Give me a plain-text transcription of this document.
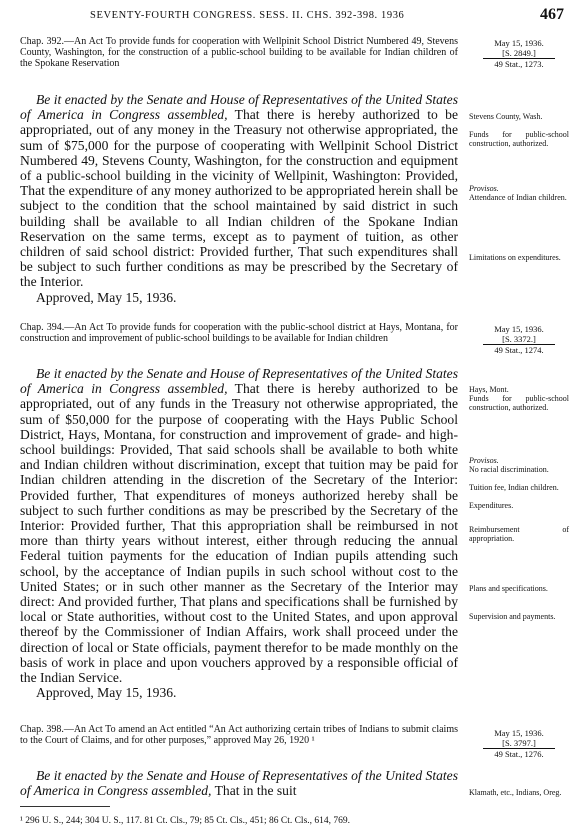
SEVENTY-FOURTH CONGRESS. SESS. II. CHS. 392-398. 1936	467
Chap. 392.—An Act To provide funds for cooperation with Wellpinit School District Numbered 49, Stevens County, Washington, for the construction of a public-school building to be available for Indian children of the Spokane Reservation
May 15, 1936.
[S. 2849.]
49 Stat., 1273.

Be it enacted by the Senate and House of Representatives of the United States of America in Congress assembled, That there is hereby authorized to be appropriated, out of any money in the Treasury not otherwise appropriated, the sum of $75,000 for the purpose of cooperating with Wellpinit School District Numbered 49, Stevens County, Washington, for the construction and equipment of a public-school building in the vicinity of Wellpinit, Washington: Provided, That the expenditure of any money authorized to be appropriated herein shall be subject to the condition that the school maintained by said district in such building shall be available to all Indian children of the Spokane Indian Reservation on the same terms, except as to payment of tuition, as other children of said school district: Provided further, That such expenditures shall be subject to such further conditions as may be prescribed by the Secretary of the Interior.

Approved, May 15, 1936.

Stevens County, Wash.
Funds for public-school construction, authorized.
Provisos.
Attendance of Indian children.
Limitations on expenditures.
Chap. 394.—An Act To provide funds for cooperation with the public-school district at Hays, Montana, for construction and improvement of public-school buildings to be available for Indian children
May 15, 1936.
[S. 3372.]
49 Stat., 1274.

Be it enacted by the Senate and House of Representatives of the United States of America in Congress assembled, That there is hereby authorized to be appropriated, out of any funds in the Treasury not otherwise appropriated, the sum of $50,000 for the purpose of cooperating with the Hays Public School District, Hays, Montana, for construction and improvement of grade- and high-school buildings: Provided, That said schools shall be available to both white and Indian children without discrimination, except that tuition may be paid for Indian children attending in the discretion of the Secretary of the Interior: Provided further, That expenditures of moneys authorized hereby shall be subject to such further conditions as may be prescribed by the Secretary of the Interior: Provided further, That this appropriation shall be reimbursed in not more than thirty years without interest, either through reducing the annual Federal tuition payments for the education of Indian pupils attending such school, by the acceptance of Indian pupils in such school without cost to the United States; or in such other manner as the Secretary of the Interior may direct: And provided further, That plans and specifications shall be furnished by local or State authorities, without cost to the United States, and upon approval thereof by the Commissioner of Indian Affairs, work shall proceed under the direction of local or State officials, payment therefor to be made monthly on the basis of work in place and upon vouchers approved by a responsible official of the Indian Service.

Approved, May 15, 1936.

Hays, Mont.
Funds for public-school construction, authorized.
Provisos.
No racial discrimination.
Tuition fee, Indian children.
Expenditures.
Reimbursement of appropriation.
Plans and specifications.
Supervision and payments.
Chap. 398.—An Act To amend an Act entitled “An Act authorizing certain tribes of Indians to submit claims to the Court of Claims, and for other purposes,” approved May 26, 1920 ¹
May 15, 1936.
[S. 3797.]
49 Stat., 1276.

Be it enacted by the Senate and House of Representatives of the United States of America in Congress assembled, That in the suit	Klamath, etc., Indians, Oreg.
¹ 296 U. S., 244; 304 U. S., 117. 81 Ct. Cls., 79; 85 Ct. Cls., 451; 86 Ct. Cls., 614, 769.
